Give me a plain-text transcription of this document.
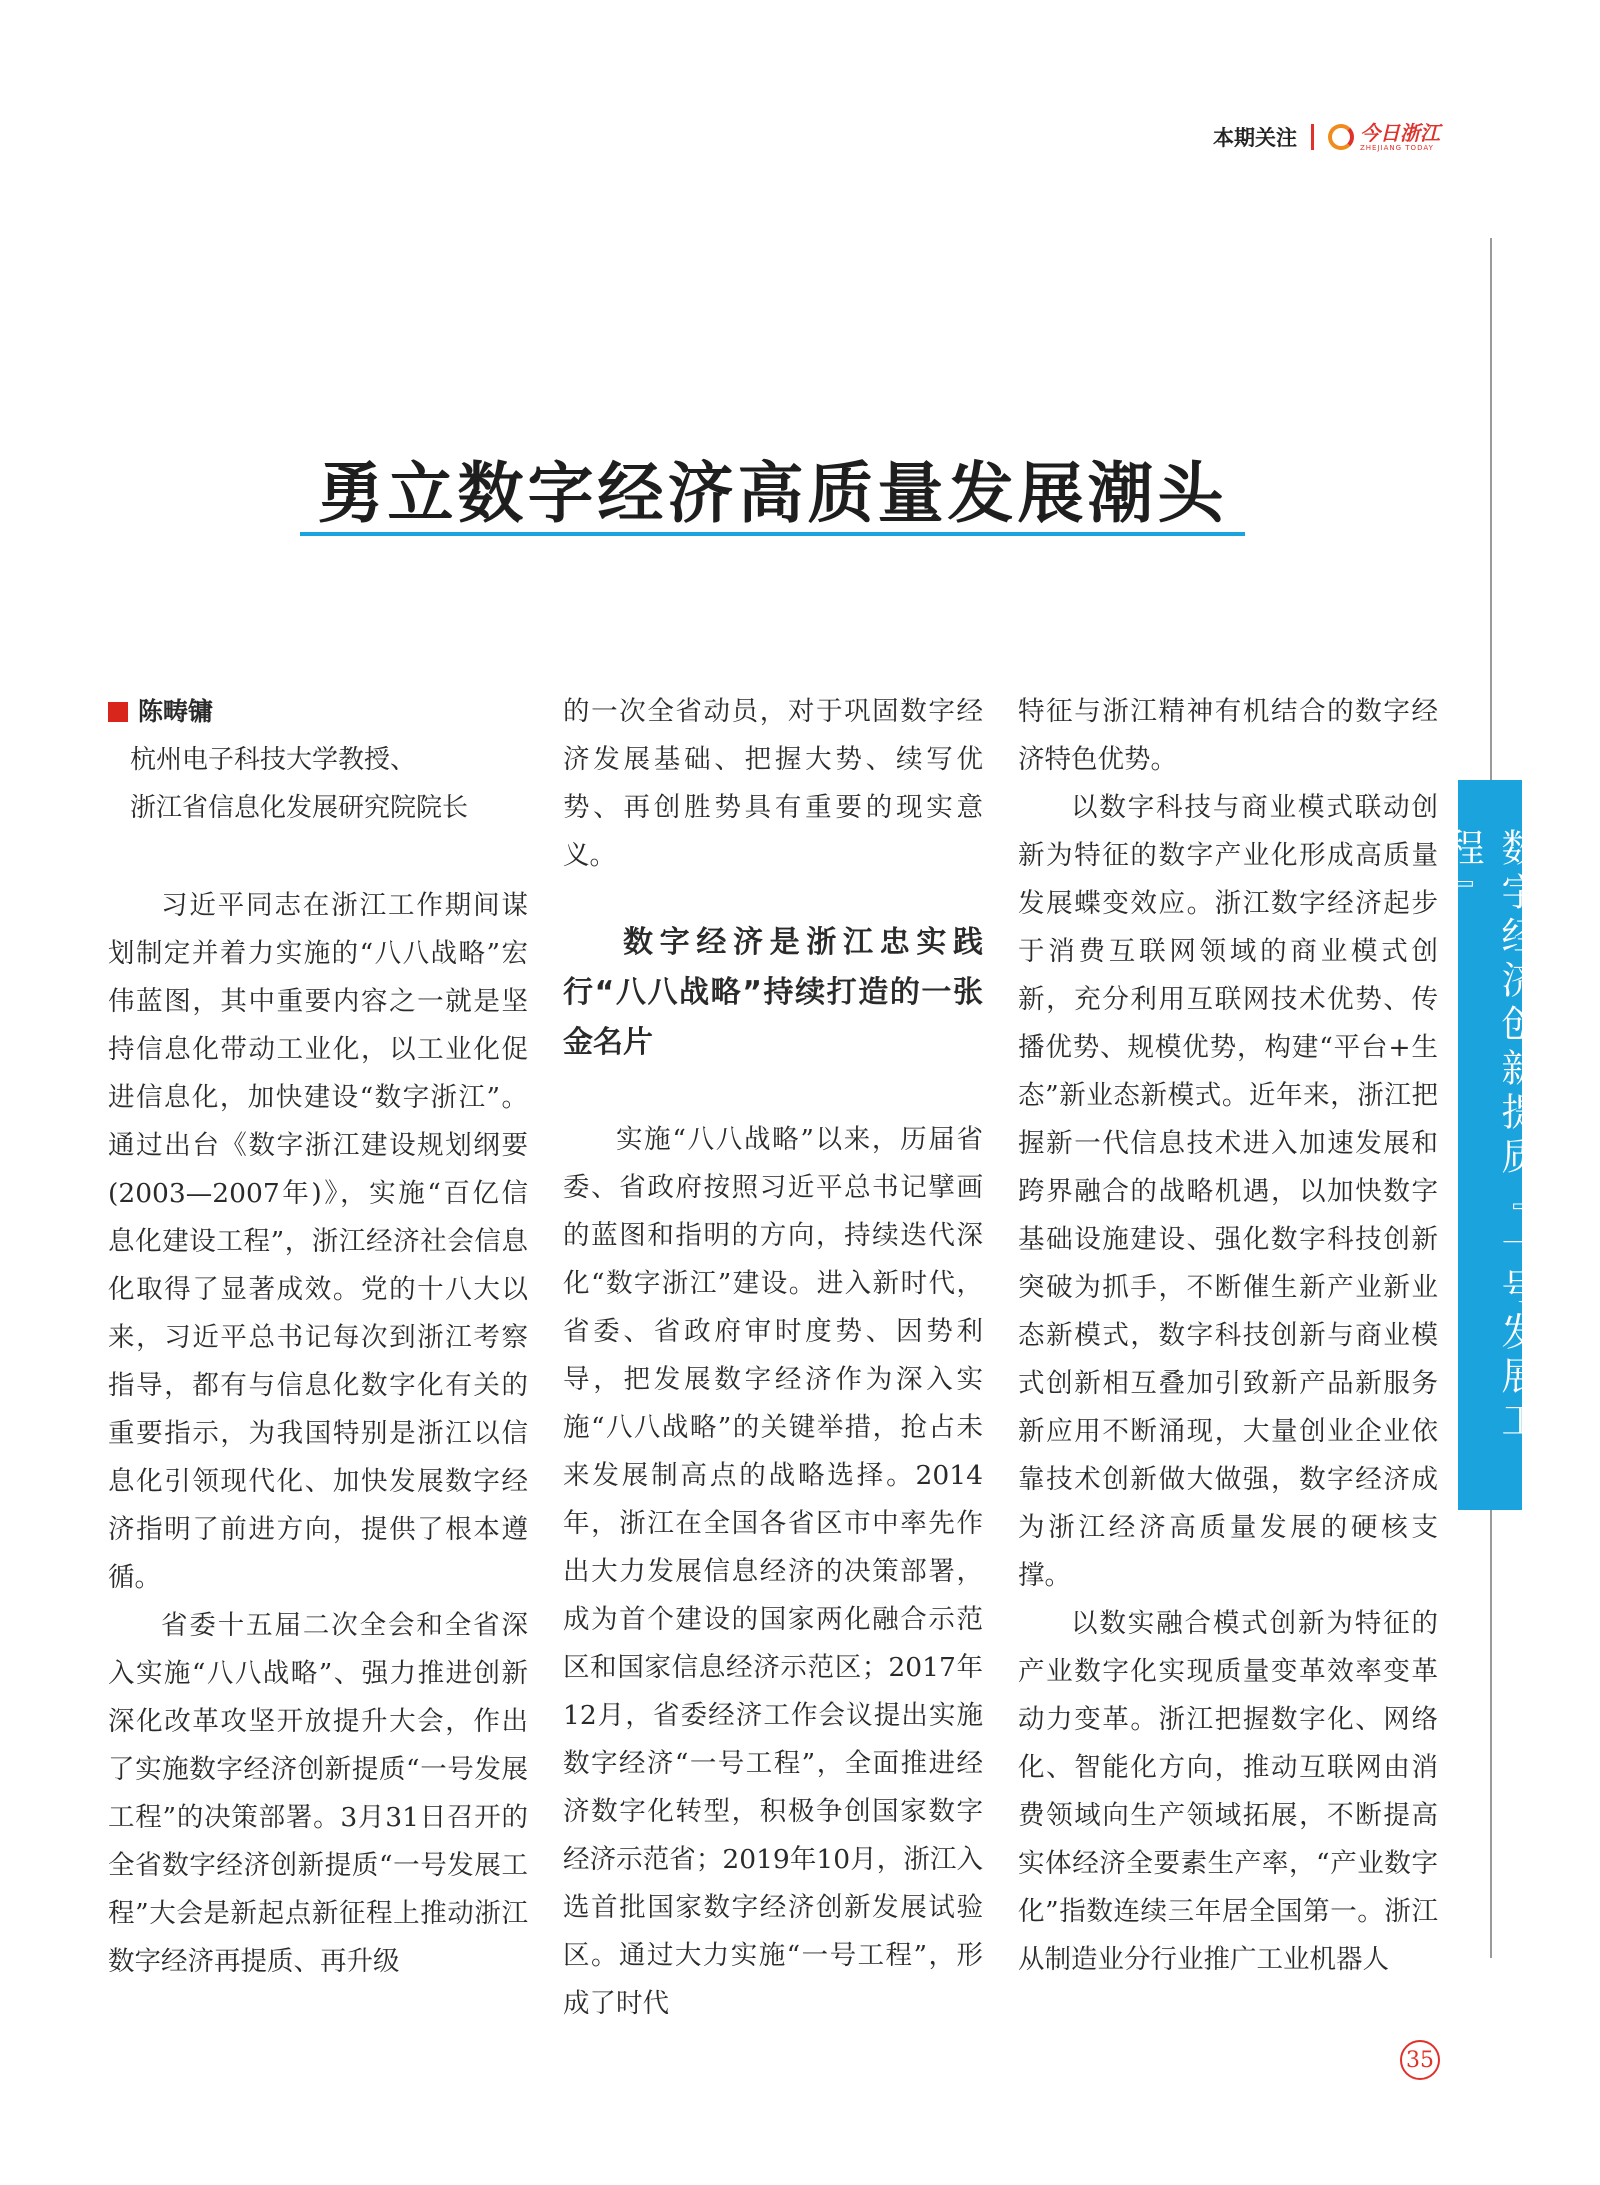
本期关注	今日浙江
ZHEJIANG TODAY
数字经济创新提质『一号发展工程』
勇立数字经济高质量发展潮头
陈畴镛
杭州电子科技大学教授、
浙江省信息化发展研究院院长

习近平同志在浙江工作期间谋划制定并着力实施的“八八战略”宏伟蓝图，其中重要内容之一就是坚持信息化带动工业化，以工业化促进信息化，加快建设“数字浙江”。通过出台《数字浙江建设规划纲要(2003—2007年)》，实施“百亿信息化建设工程”，浙江经济社会信息化取得了显著成效。党的十八大以来，习近平总书记每次到浙江考察指导，都有与信息化数字化有关的重要指示，为我国特别是浙江以信息化引领现代化、加快发展数字经济指明了前进方向，提供了根本遵循。

省委十五届二次全会和全省深入实施“八八战略”、强力推进创新深化改革攻坚开放提升大会，作出了实施数字经济创新提质“一号发展工程”的决策部署。3月31日召开的全省数字经济创新提质“一号发展工程”大会是新起点新征程上推动浙江数字经济再提质、再升级

的一次全省动员，对于巩固数字经济发展基础、把握大势、续写优势、再创胜势具有重要的现实意义。

数字经济是浙江忠实践行“八八战略”持续打造的一张金名片

实施“八八战略”以来，历届省委、省政府按照习近平总书记擘画的蓝图和指明的方向，持续迭代深化“数字浙江”建设。进入新时代，省委、省政府审时度势、因势利导，把发展数字经济作为深入实施“八八战略”的关键举措，抢占未来发展制高点的战略选择。2014年，浙江在全国各省区市中率先作出大力发展信息经济的决策部署，成为首个建设的国家两化融合示范区和国家信息经济示范区；2017年12月，省委经济工作会议提出实施数字经济“一号工程”，全面推进经济数字化转型，积极争创国家数字经济示范省；2019年10月，浙江入选首批国家数字经济创新发展试验区。通过大力实施“一号工程”，形成了时代

特征与浙江精神有机结合的数字经济特色优势。

以数字科技与商业模式联动创新为特征的数字产业化形成高质量发展蝶变效应。浙江数字经济起步于消费互联网领域的商业模式创新，充分利用互联网技术优势、传播优势、规模优势，构建“平台+生态”新业态新模式。近年来，浙江把握新一代信息技术进入加速发展和跨界融合的战略机遇，以加快数字基础设施建设、强化数字科技创新突破为抓手，不断催生新产业新业态新模式，数字科技创新与商业模式创新相互叠加引致新产品新服务新应用不断涌现，大量创业企业依靠技术创新做大做强，数字经济成为浙江经济高质量发展的硬核支撑。

以数实融合模式创新为特征的产业数字化实现质量变革效率变革动力变革。浙江把握数字化、网络化、智能化方向，推动互联网由消费领域向生产领域拓展，不断提高实体经济全要素生产率，“产业数字化”指数连续三年居全国第一。浙江从制造业分行业推广工业机器人

35
